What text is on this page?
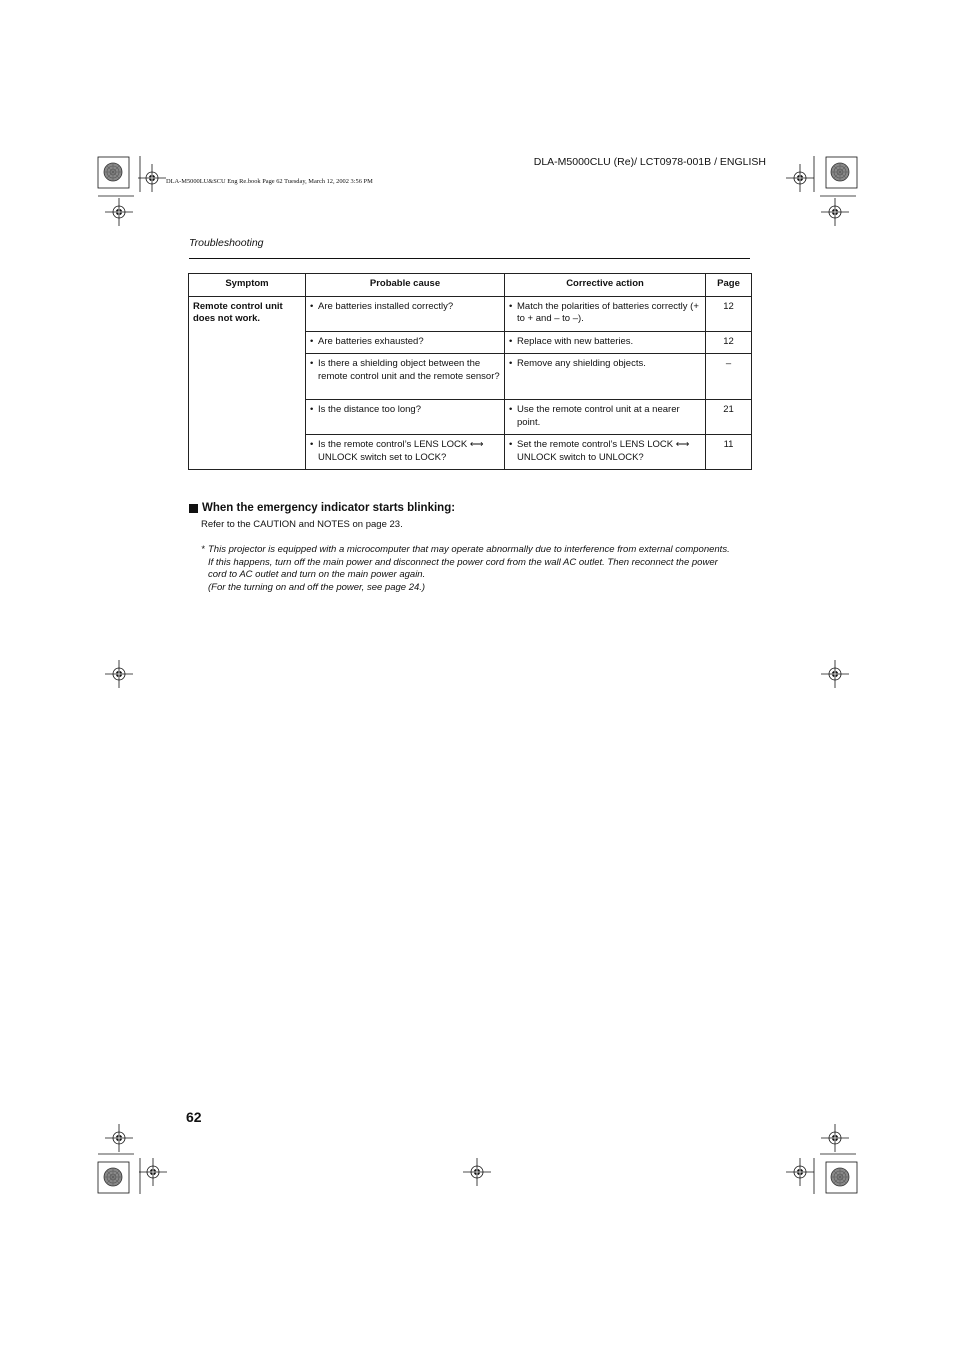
DLA-M5000CLU (Re)/ LCT0978-001B / ENGLISH
DLA-M5000LU&SCU Eng Re.book Page 62 Tuesday, March 12, 2002 3:56 PM
Troubleshooting
Symptom	Probable cause	Corrective action	Page
Remote control unit does not work.	• Are batteries installed correctly?	• Match the polarities of batteries correctly (+ to + and – to –).	12

	• Are batteries exhausted?	• Replace with new batteries.	12

	• Is there a shielding object between the remote control unit and the remote sensor?	• Remove any shielding objects.	–

	• Is the distance too long?	• Use the remote control unit at a nearer point.	21

	• Is the remote control’s LENS LOCK ⟷ UNLOCK switch set to LOCK?	• Set the remote control’s LENS LOCK ⟷ UNLOCK switch to UNLOCK?	11
When the emergency indicator starts blinking:
Refer to the CAUTION and NOTES on page 23.
* This projector is equipped with a microcomputer that may operate abnormally due to interference from external components. If this happens, turn off the main power and disconnect the power cord from the wall AC outlet. Then reconnect the power cord to AC outlet and turn on the main power again.
(For the turning on and off the power, see page 24.)
62
